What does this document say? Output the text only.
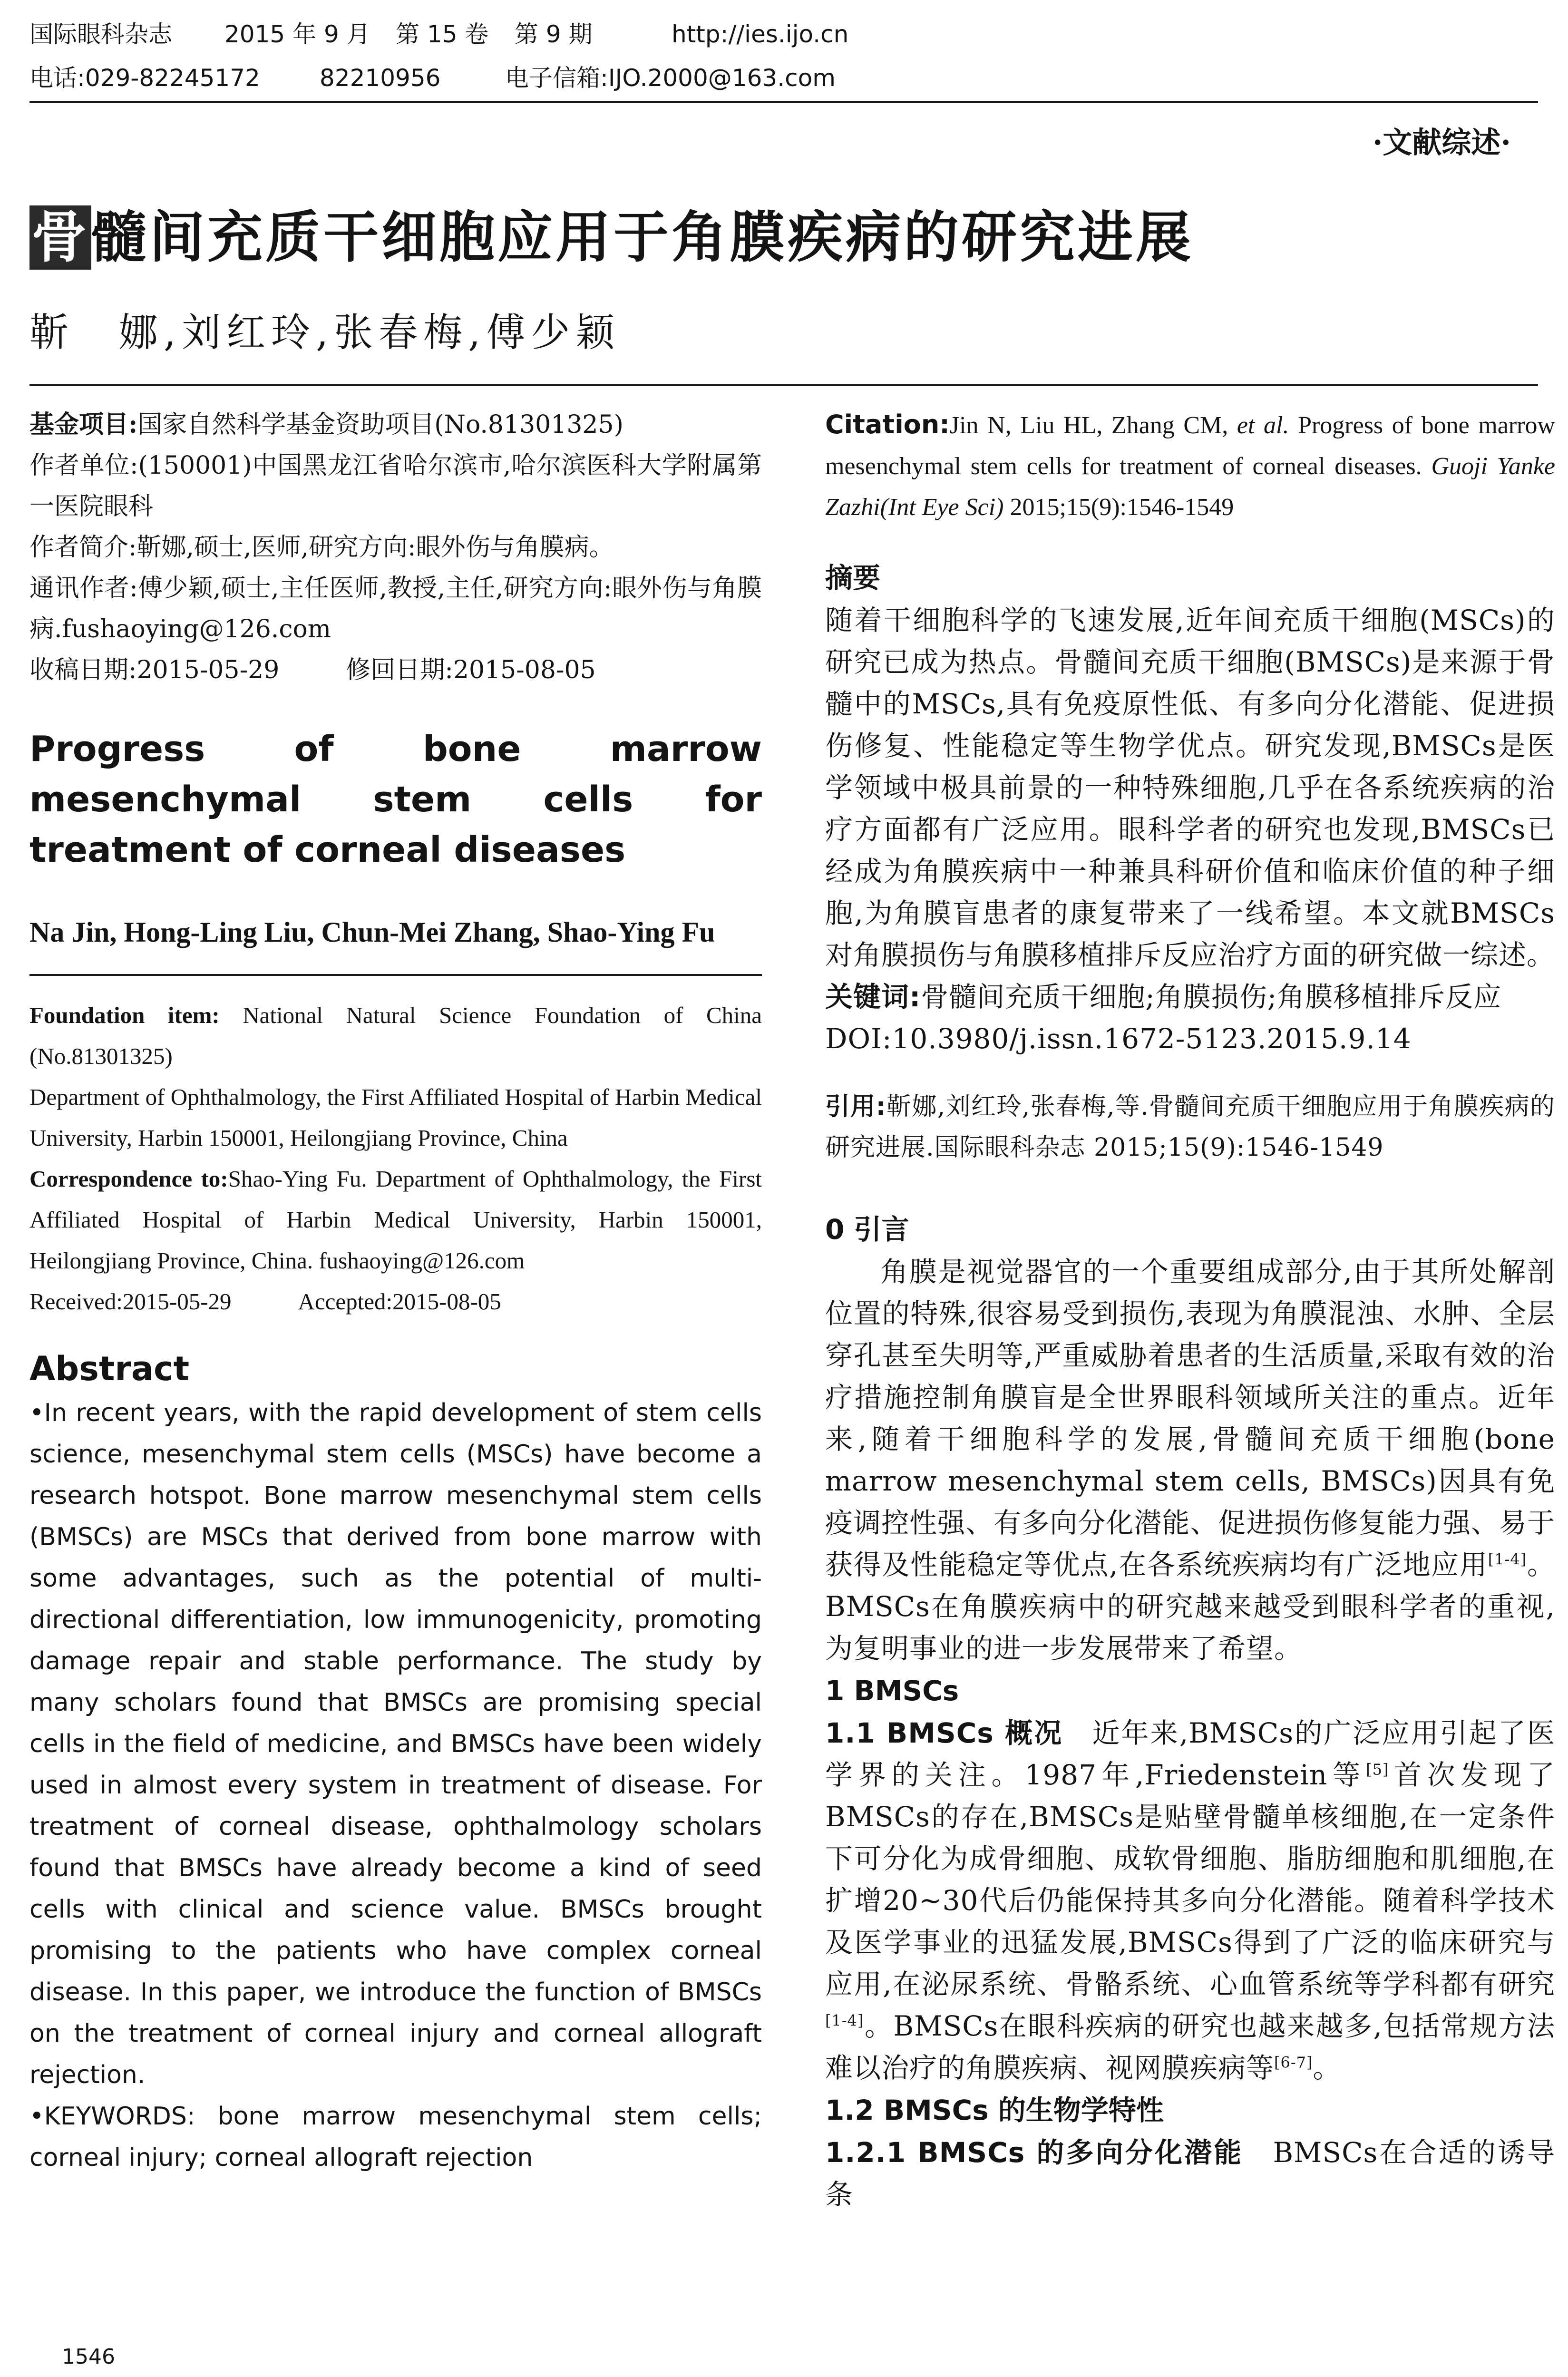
国际眼科杂志 2015 年 9 月 第 15 卷 第 9 期	http://ies.ijo.cn
电话:029-82245172	82210956	电子信箱:IJO.2000@163.com
·文献综述·
骨髓间充质干细胞应用于角膜疾病的研究进展
靳　娜,刘红玲,张春梅,傅少颖
基金项目:国家自然科学基金资助项目(No.81301325)
作者单位:(150001)中国黑龙江省哈尔滨市,哈尔滨医科大学附属第一医院眼科
作者简介:靳娜,硕士,医师,研究方向:眼外伤与角膜病。
通讯作者:傅少颖,硕士,主任医师,教授,主任,研究方向:眼外伤与角膜病.fushaoying@126.com
收稿日期:2015-05-29	修回日期:2015-08-05
Progress of bone marrow mesenchymal stem cells for treatment of corneal diseases
Na Jin, Hong-Ling Liu, Chun-Mei Zhang, Shao-Ying Fu
Foundation item: National Natural Science Foundation of China (No.81301325)
Department of Ophthalmology, the First Affiliated Hospital of Harbin Medical University, Harbin 150001, Heilongjiang Province, China
Correspondence to:Shao-Ying Fu. Department of Ophthalmology, the First Affiliated Hospital of Harbin Medical University, Harbin 150001, Heilongjiang Province, China. fushaoying@126.com
Received:2015-05-29	Accepted:2015-08-05
Abstract
•In recent years, with the rapid development of stem cells science, mesenchymal stem cells (MSCs) have become a research hotspot. Bone marrow mesenchymal stem cells (BMSCs) are MSCs that derived from bone marrow with some advantages, such as the potential of multi-directional differentiation, low immunogenicity, promoting damage repair and stable performance. The study by many scholars found that BMSCs are promising special cells in the field of medicine, and BMSCs have been widely used in almost every system in treatment of disease. For treatment of corneal disease, ophthalmology scholars found that BMSCs have already become a kind of seed cells with clinical and science value. BMSCs brought promising to the patients who have complex corneal disease. In this paper, we introduce the function of BMSCs on the treatment of corneal injury and corneal allograft rejection.
•KEYWORDS: bone marrow mesenchymal stem cells; corneal injury; corneal allograft rejection
1546
Citation:Jin N, Liu HL, Zhang CM, et al. Progress of bone marrow mesenchymal stem cells for treatment of corneal diseases. Guoji Yanke Zazhi(Int Eye Sci) 2015;15(9):1546-1549
摘要
随着干细胞科学的飞速发展,近年间充质干细胞(MSCs)的研究已成为热点。骨髓间充质干细胞(BMSCs)是来源于骨髓中的MSCs,具有免疫原性低、有多向分化潜能、促进损伤修复、性能稳定等生物学优点。研究发现,BMSCs是医学领域中极具前景的一种特殊细胞,几乎在各系统疾病的治疗方面都有广泛应用。眼科学者的研究也发现,BMSCs已经成为角膜疾病中一种兼具科研价值和临床价值的种子细胞,为角膜盲患者的康复带来了一线希望。本文就BMSCs对角膜损伤与角膜移植排斥反应治疗方面的研究做一综述。
关键词:骨髓间充质干细胞;角膜损伤;角膜移植排斥反应
DOI:10.3980/j.issn.1672-5123.2015.9.14
引用:靳娜,刘红玲,张春梅,等.骨髓间充质干细胞应用于角膜疾病的研究进展.国际眼科杂志 2015;15(9):1546-1549
0 引言
角膜是视觉器官的一个重要组成部分,由于其所处解剖位置的特殊,很容易受到损伤,表现为角膜混浊、水肿、全层穿孔甚至失明等,严重威胁着患者的生活质量,采取有效的治疗措施控制角膜盲是全世界眼科领域所关注的重点。近年来,随着干细胞科学的发展,骨髓间充质干细胞(bone marrow mesenchymal stem cells, BMSCs)因具有免疫调控性强、有多向分化潜能、促进损伤修复能力强、易于获得及性能稳定等优点,在各系统疾病均有广泛地应用[1-4]。BMSCs在角膜疾病中的研究越来越受到眼科学者的重视,为复明事业的进一步发展带来了希望。
1 BMSCs
1.1 BMSCs 概况　 近年来,BMSCs的广泛应用引起了医学界的关注。1987年,Friedenstein等[5]首次发现了BMSCs的存在,BMSCs是贴壁骨髓单核细胞,在一定条件下可分化为成骨细胞、成软骨细胞、脂肪细胞和肌细胞,在扩增20~30代后仍能保持其多向分化潜能。随着科学技术及医学事业的迅猛发展,BMSCs得到了广泛的临床研究与应用,在泌尿系统、骨骼系统、心血管系统等学科都有研究[1-4]。BMSCs在眼科疾病的研究也越来越多,包括常规方法难以治疗的角膜疾病、视网膜疾病等[6-7]。
1.2 BMSCs 的生物学特性
1.2.1 BMSCs 的多向分化潜能　 BMSCs在合适的诱导条
